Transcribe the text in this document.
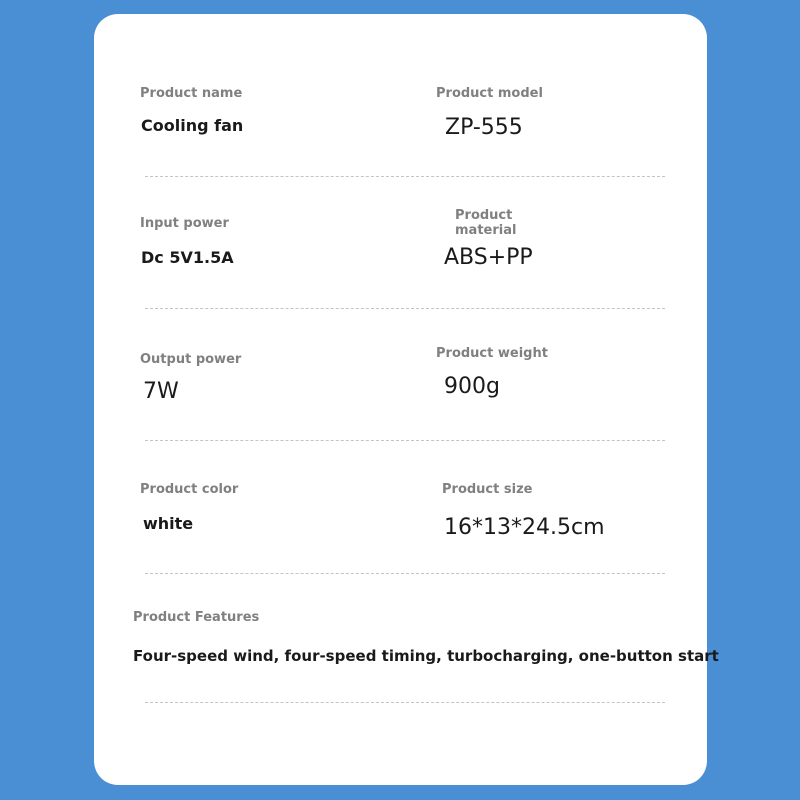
Product name
Cooling fan
Product model
ZP-555
Input power
Dc 5V1.5A
Product
material
ABS+PP
Output power
7W
Product weight
900g
Product color
white
Product size
16*13*24.5cm
Product Features
Four-speed wind, four-speed timing, turbocharging, one-button start
